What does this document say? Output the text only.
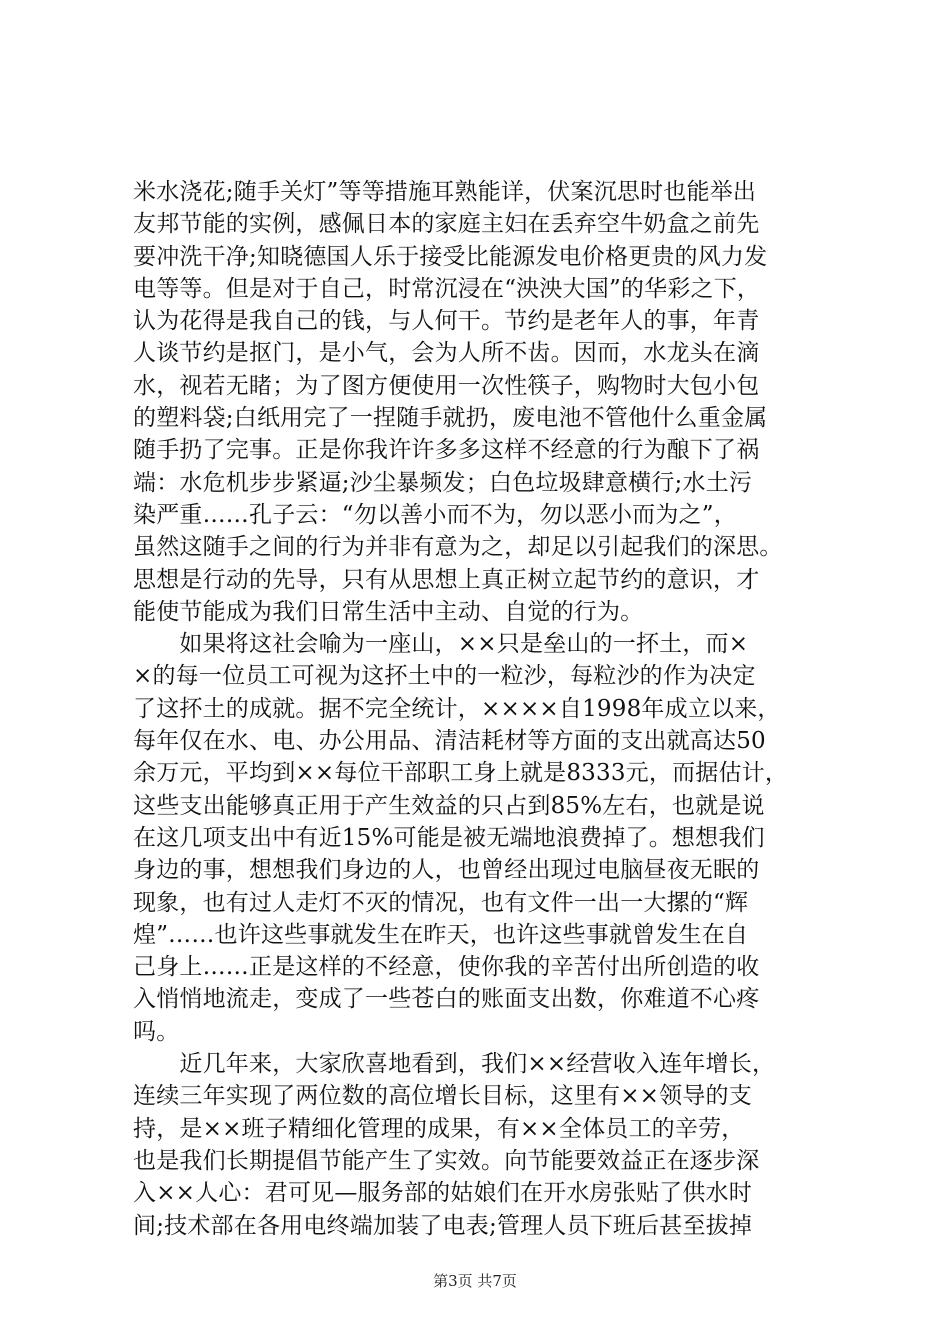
米水浇花;随手关灯”等等措施耳熟能详，伏案沉思时也能举出
友邦节能的实例，感佩日本的家庭主妇在丢弃空牛奶盒之前先
要冲洗干净;知晓德国人乐于接受比能源发电价格更贵的风力发
电等等。但是对于自己，时常沉浸在“泱泱大国”的华彩之下，
认为花得是我自己的钱，与人何干。节约是老年人的事，年青
人谈节约是抠门，是小气，会为人所不齿。因而，水龙头在滴
水，视若无睹；为了图方便使用一次性筷子，购物时大包小包
的塑料袋;白纸用完了一捏随手就扔，废电池不管他什么重金属
随手扔了完事。正是你我许许多多这样不经意的行为酿下了祸
端：水危机步步紧逼;沙尘暴频发；白色垃圾肆意横行;水土污
染严重……孔子云：“勿以善小而不为，勿以恶小而为之”，
虽然这随手之间的行为并非有意为之，却足以引起我们的深思。
思想是行动的先导，只有从思想上真正树立起节约的意识，才
能使节能成为我们日常生活中主动、自觉的行为。
　　如果将这社会喻为一座山，××只是垒山的一抔土，而×
×的每一位员工可视为这抔土中的一粒沙，每粒沙的作为决定
了这抔土的成就。据不完全统计，××××自1998年成立以来，
每年仅在水、电、办公用品、清洁耗材等方面的支出就高达50
余万元，平均到××每位干部职工身上就是8333元，而据估计，
这些支出能够真正用于产生效益的只占到85%左右，也就是说
在这几项支出中有近15%可能是被无端地浪费掉了。想想我们
身边的事，想想我们身边的人，也曾经出现过电脑昼夜无眠的
现象，也有过人走灯不灭的情况，也有文件一出一大摞的“辉
煌”……也许这些事就发生在昨天，也许这些事就曾发生在自
己身上……正是这样的不经意，使你我的辛苦付出所创造的收
入悄悄地流走，变成了一些苍白的账面支出数，你难道不心疼
吗。
　　近几年来，大家欣喜地看到，我们××经营收入连年增长，
连续三年实现了两位数的高位增长目标，这里有××领导的支
持，是××班子精细化管理的成果，有××全体员工的辛劳，
也是我们长期提倡节能产生了实效。向节能要效益正在逐步深
入××人心：君可见—服务部的姑娘们在开水房张贴了供水时
间;技术部在各用电终端加装了电表;管理人员下班后甚至拔掉
第3页 共7页
